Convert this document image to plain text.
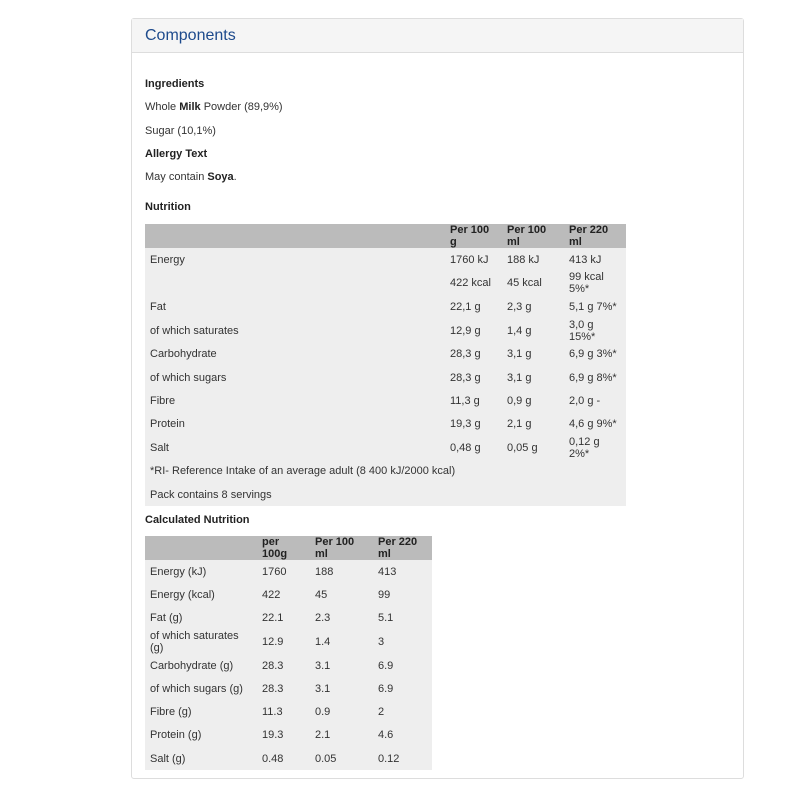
Components
Ingredients
Whole Milk Powder (89,9%)
Sugar (10,1%)
Allergy Text
May contain Soya.
Nutrition
	Per 100 g	Per 100 ml	Per 220 ml
Energy	1760 kJ	188 kJ	413 kJ
	422 kcal	45 kcal	99 kcal 5%*
Fat	22,1 g	2,3 g	5,1 g 7%*
of which saturates	12,9 g	1,4 g	3,0 g 15%*
Carbohydrate	28,3 g	3,1 g	6,9 g 3%*
of which sugars	28,3 g	3,1 g	6,9 g 8%*
Fibre	11,3 g	0,9 g	2,0 g -
Protein	19,3 g	2,1 g	4,6 g 9%*
Salt	0,48 g	0,05 g	0,12 g 2%*
*RI- Reference Intake of an average adult (8 400 kJ/2000 kcal)			
Pack contains 8 servings			
Calculated Nutrition
	per 100g	Per 100 ml	Per 220 ml
Energy (kJ)	1760	188	413
Energy (kcal)	422	45	99
Fat (g)	22.1	2.3	5.1
of which saturates (g)	12.9	1.4	3
Carbohydrate (g)	28.3	3.1	6.9
of which sugars (g)	28.3	3.1	6.9
Fibre (g)	11.3	0.9	2
Protein (g)	19.3	2.1	4.6
Salt (g)	0.48	0.05	0.12
